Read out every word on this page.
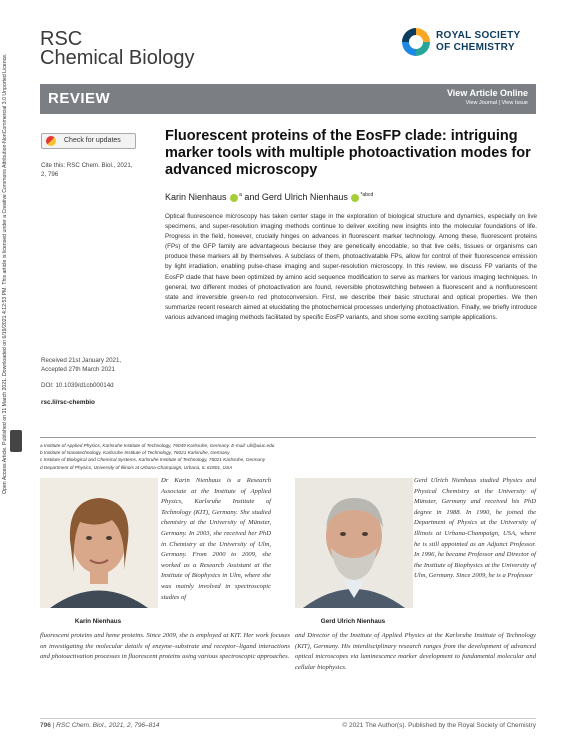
RSC
Chemical Biology
ROYAL SOCIETY
OF CHEMISTRY
REVIEW	View Article Online
View Journal | View Issue
Open Access Article. Published on 31 March 2021. Downloaded on 6/19/2021 4:12:53 PM. This article is licensed under a Creative Commons Attribution-NonCommercial 3.0 Unported Licence.	Check for updates
Cite this: RSC Chem. Biol., 2021,
2, 796
Received 21st January 2021,
Accepted 27th March 2021
DOI: 10.1039/d1cb00014d
rsc.li/rsc-chembio
Fluorescent proteins of the EosFP clade: intriguing marker tools with multiple photoactivation modes for advanced microscopy
Karin Nienhaus	$^a$ and Gerd Ulrich Nienhaus	$^{*abcd}$
Optical fluorescence microscopy has taken center stage in the exploration of biological structure and dynamics, especially on live specimens, and super-resolution imaging methods continue to deliver exciting new insights into the molecular foundations of life. Progress in the field, however, crucially hinges on advances in fluorescent marker technology. Among these, fluorescent proteins (FPs) of the GFP family are advantageous because they are genetically encodable, so that live cells, tissues or organisms can produce these markers all by themselves. A subclass of them, photoactivatable FPs, allow for control of their fluorescence emission by light irradiation, enabling pulse-chase imaging and super-resolution microscopy. In this review, we discuss FP variants of the EosFP clade that have been optimized by amino acid sequence modification to serve as markers for various imaging techniques. In general, two different modes of photoactivation are found, reversible photoswitching between a fluorescent and a nonfluorescent state and irreversible green-to red photoconversion. First, we describe their basic structural and optical properties. We then summarize recent research aimed at elucidating the photochemical processes underlying photoactivation. Finally, we briefly introduce various advanced imaging methods facilitated by specific EosFP variants, and show some exciting sample applications.
a Institute of Applied Physics, Karlsruhe Institute of Technology, 76049 Karlsruhe, Germany. E-mail: uli@uiuc.edu
b Institute of Nanotechnology, Karlsruhe Institute of Technology, 76021 Karlsruhe, Germany
c Institute of Biological and Chemical Systems, Karlsruhe Institute of Technology, 76021 Karlsruhe, Germany
d Department of Physics, University of Illinois at Urbana-Champaign, Urbana, IL 61801, USA
Karin Nienhaus
Dr Karin Nienhaus is a Research Associate at the Institute of Applied Physics, Karlsruhe Institute of Technology (KIT), Germany. She studied chemistry at the University of Münster, Germany. In 2003, she received her PhD in Chemistry at the University of Ulm, Germany. From 2000 to 2009, she worked as a Research Assistant at the Institute of Biophysics in Ulm, where she was mainly involved in spectroscopic studies of
fluorescent proteins and heme proteins. Since 2009, she is employed at KIT. Her work focuses on investigating the molecular details of enzyme–substrate and receptor–ligand interactions and photoactivation processes in fluorescent proteins using various spectroscopic approaches.
Gerd Ulrich Nienhaus
Gerd Ulrich Nienhaus studied Physics and Physical Chemistry at the University of Münster, Germany and received his PhD degree in 1988. In 1990, he joined the Department of Physics at the University of Illinois at Urbana-Champaign, USA, where he is still appointed as an Adjunct Professor. In 1996, he became Professor and Director of the Institute of Biophysics at the University of Ulm, Germany. Since 2009, he is a Professor
and Director of the Institute of Applied Physics at the Karlsruhe Institute of Technology (KIT), Germany. His interdisciplinary research ranges from the development of advanced optical microscopes via luminescence marker development to fundamental molecular and cellular biophysics.
796 | RSC Chem. Biol., 2021, 2, 796–814	© 2021 The Author(s). Published by the Royal Society of Chemistry
